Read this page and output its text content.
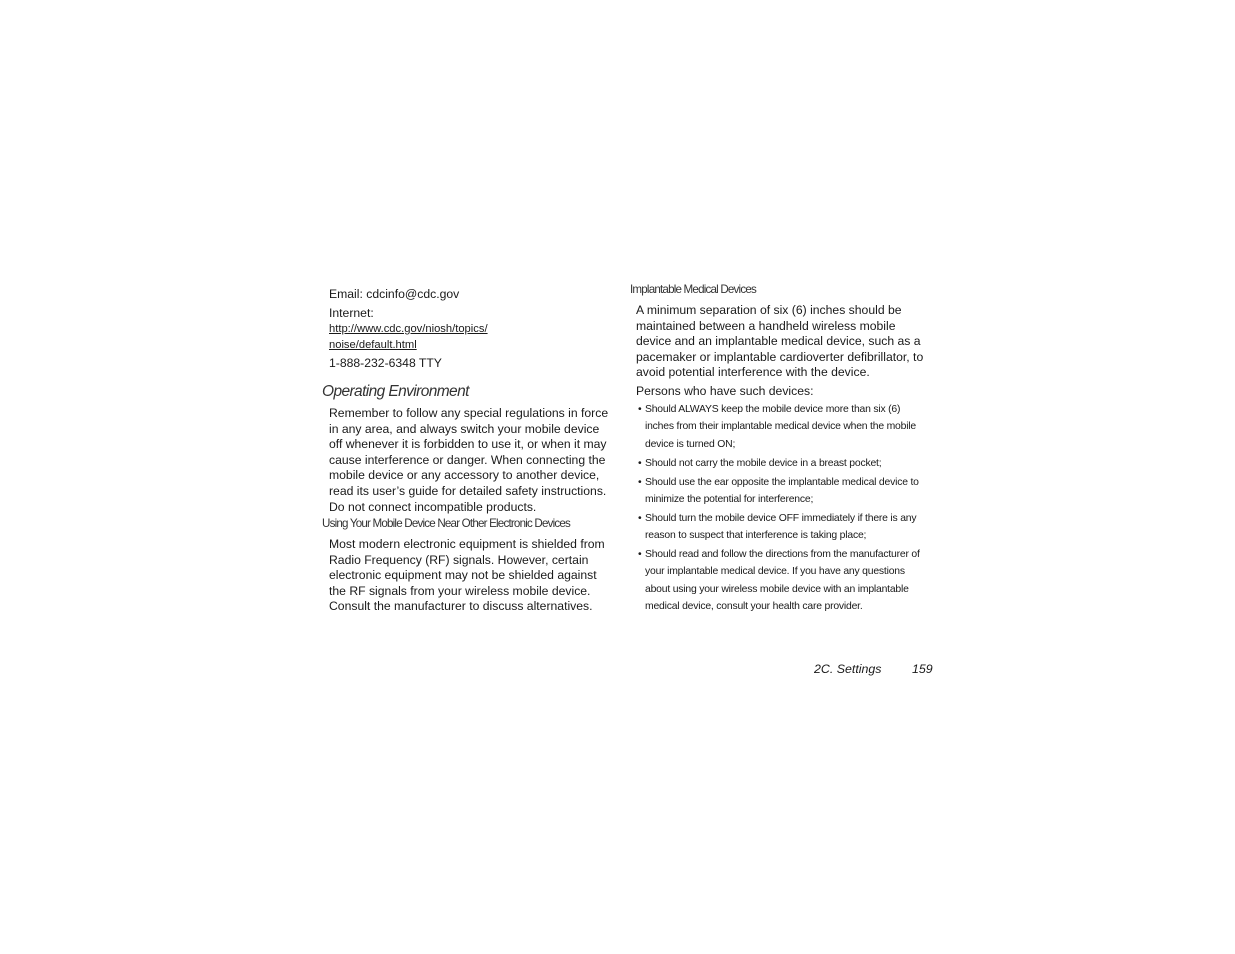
Email: cdcinfo@cdc.gov

Internet:

http://www.cdc.gov/niosh/topics/
noise/default.html

1-888-232-6348 TTY

Operating Environment

Remember to follow any special regulations in force in any area, and always switch your mobile device off whenever it is forbidden to use it, or when it may cause interference or danger. When connecting the mobile device or any accessory to another device, read its user’s guide for detailed safety instructions. Do not connect incompatible products.

Using Your Mobile Device Near Other Electronic Devices

Most modern electronic equipment is shielded from Radio Frequency (RF) signals. However, certain electronic equipment may not be shielded against the RF signals from your wireless mobile device. Consult the manufacturer to discuss alternatives.

Implantable Medical Devices

A minimum separation of six (6) inches should be maintained between a handheld wireless mobile device and an implantable medical device, such as a pacemaker or implantable cardioverter defibrillator, to avoid potential interference with the device.

Persons who have such devices:

• Should ALWAYS keep the mobile device more than six (6) inches from their implantable medical device when the mobile device is turned ON;
• Should not carry the mobile device in a breast pocket;
• Should use the ear opposite the implantable medical device to minimize the potential for interference;
• Should turn the mobile device OFF immediately if there is any reason to suspect that interference is taking place;
• Should read and follow the directions from the manufacturer of your implantable medical device. If you have any questions about using your wireless mobile device with an implantable medical device, consult your health care provider.
2C. Settings 159
